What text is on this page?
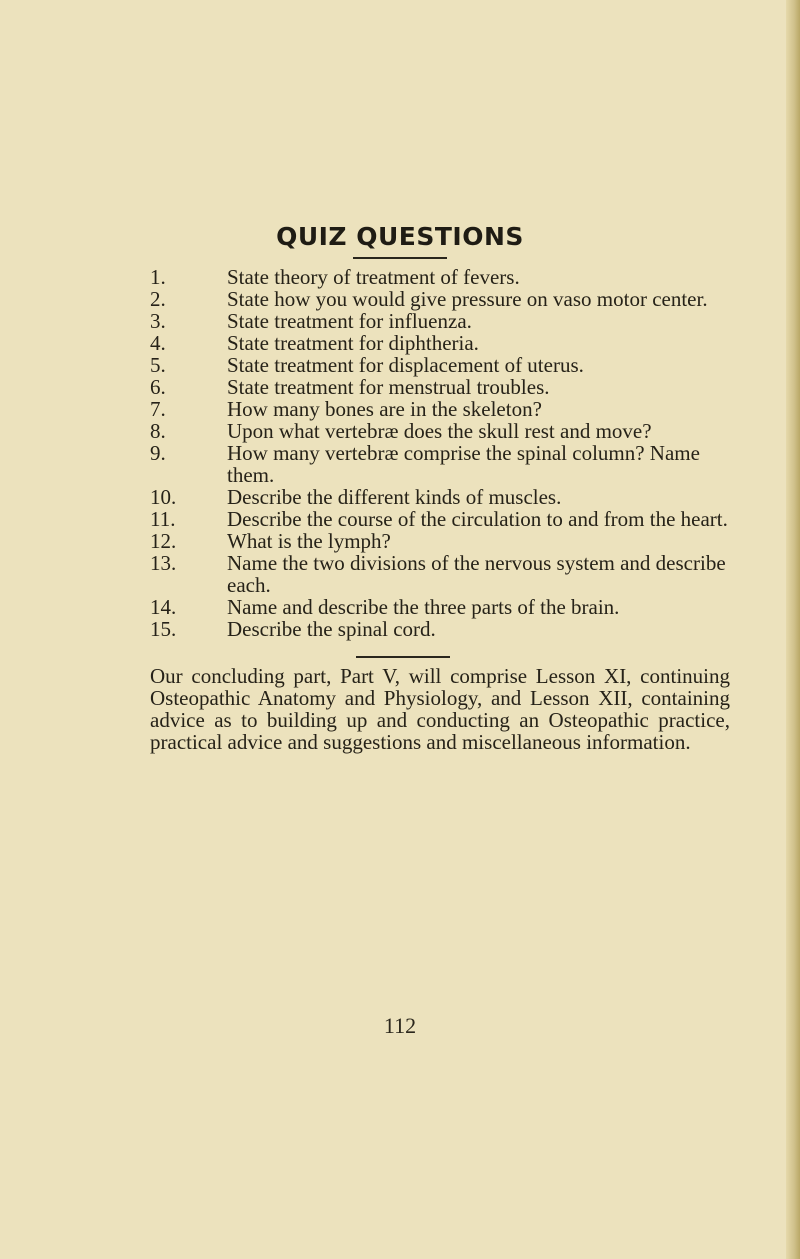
QUIZ QUESTIONS
1.	State theory of treatment of fevers.
2.	State how you would give pressure on vaso motor center.
3.	State treatment for influenza.
4.	State treatment for diphtheria.
5.	State treatment for displacement of uterus.
6.	State treatment for menstrual troubles.
7.	How many bones are in the skeleton?
8.	Upon what vertebræ does the skull rest and move?
9.	How many vertebræ comprise the spinal column? Name them.
10. Describe the different kinds of muscles.
11. Describe the course of the circulation to and from the heart.
12. What is the lymph?
13. Name the two divisions of the nervous system and describe each.
14. Name and describe the three parts of the brain.
15. Describe the spinal cord.

Our concluding part, Part V, will comprise Lesson XI, continuing Osteopathic Anatomy and Physiology, and Lesson XII, containing advice as to building up and conducting an Osteopathic practice, practical advice and suggestions and miscellaneous information.

112
